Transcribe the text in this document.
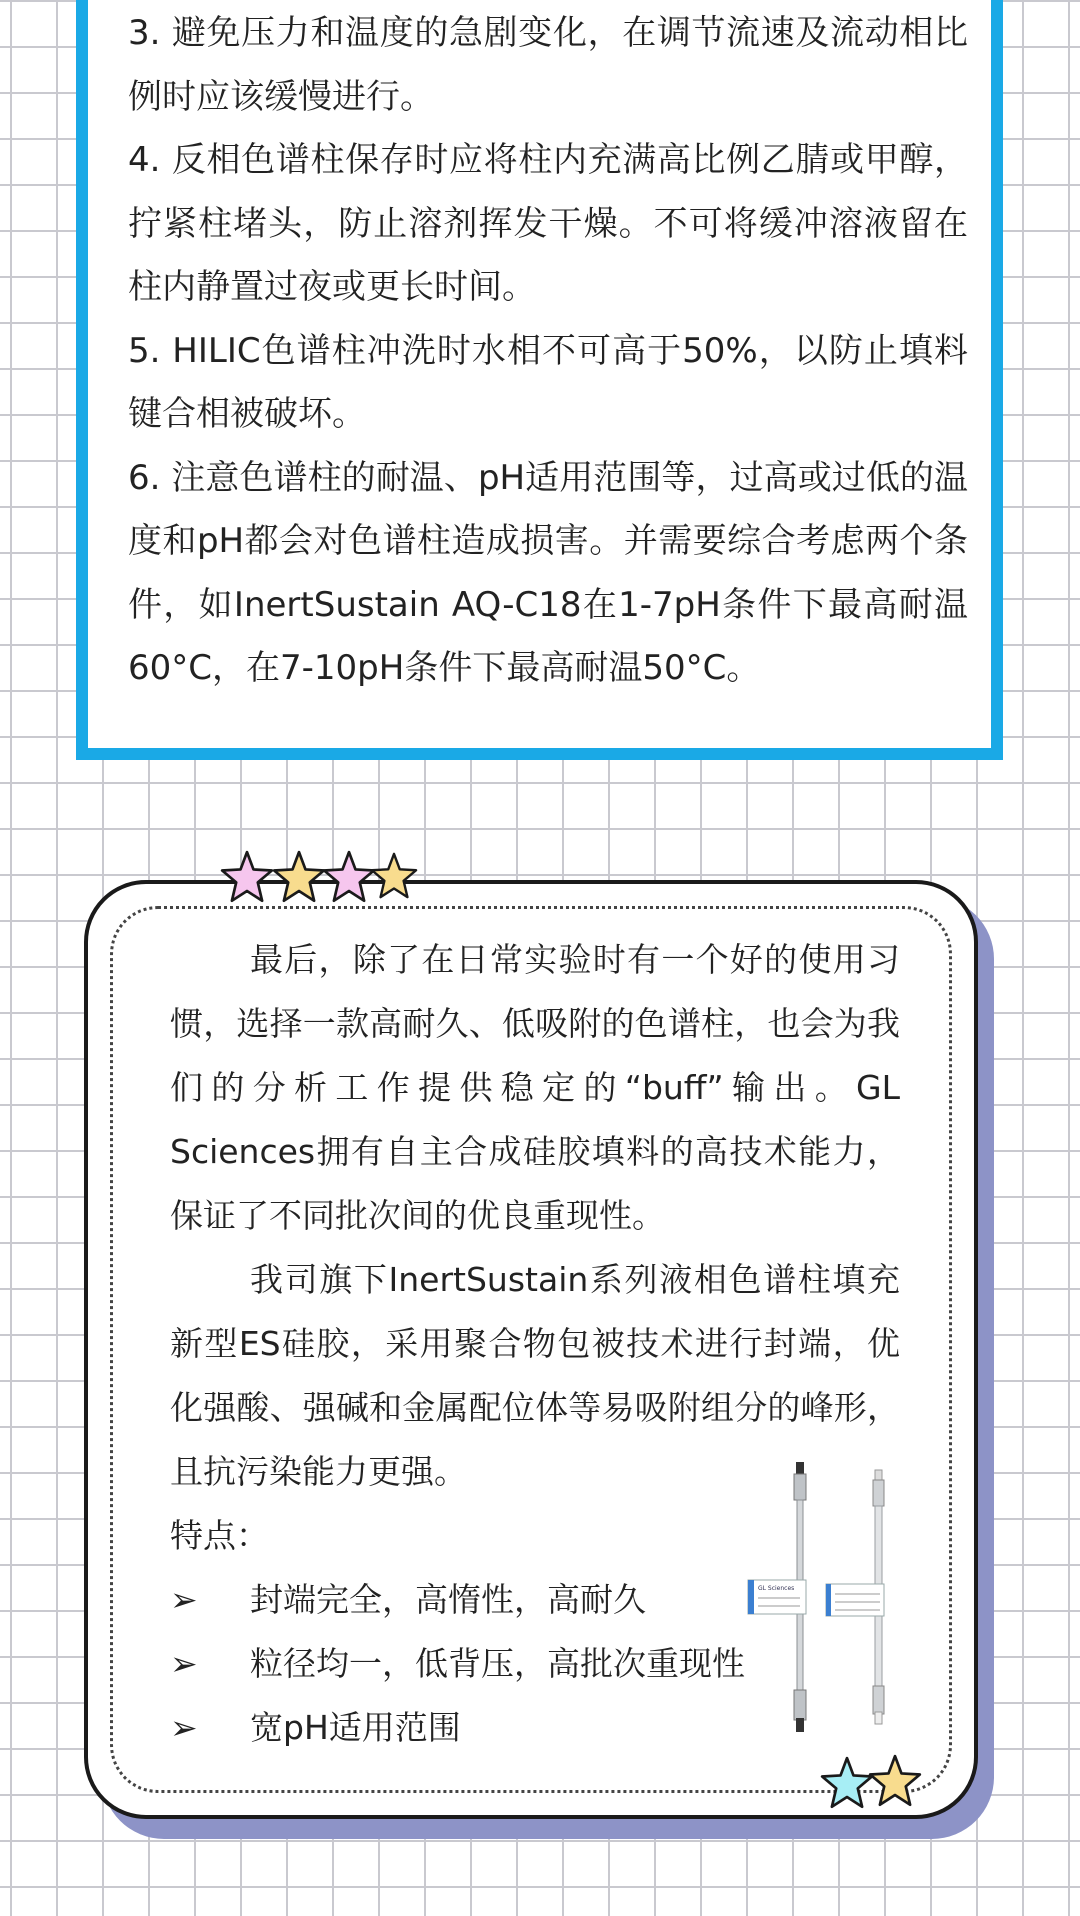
3. 避免压力和温度的急剧变化，在调节流速及流动相比例时应该缓慢进行。

4. 反相色谱柱保存时应将柱内充满高比例乙腈或甲醇，拧紧柱堵头，防止溶剂挥发干燥。不可将缓冲溶液留在柱内静置过夜或更长时间。

5. HILIC色谱柱冲洗时水相不可高于50%，以防止填料键合相被破坏。

6. 注意色谱柱的耐温、pH适用范围等，过高或过低的温度和pH都会对色谱柱造成损害。并需要综合考虑两个条件，如InertSustain AQ-C18在1-7pH条件下最高耐温60°C，在7-10pH条件下最高耐温50°C。

最后，除了在日常实验时有一个好的使用习惯，选择一款高耐久、低吸附的色谱柱，也会为我们的分析工作提供稳定的“buff”输出。GL Sciences拥有自主合成硅胶填料的高技术能力，保证了不同批次间的优良重现性。

我司旗下InertSustain系列液相色谱柱填充新型ES硅胶，采用聚合物包被技术进行封端，优化强酸、强碱和金属配位体等易吸附组分的峰形，且抗污染能力更强。

特点：

➢	封端完全，高惰性，高耐久
➢	粒径均一，低背压，高批次重现性
➢	宽pH适用范围
GL Sciences
